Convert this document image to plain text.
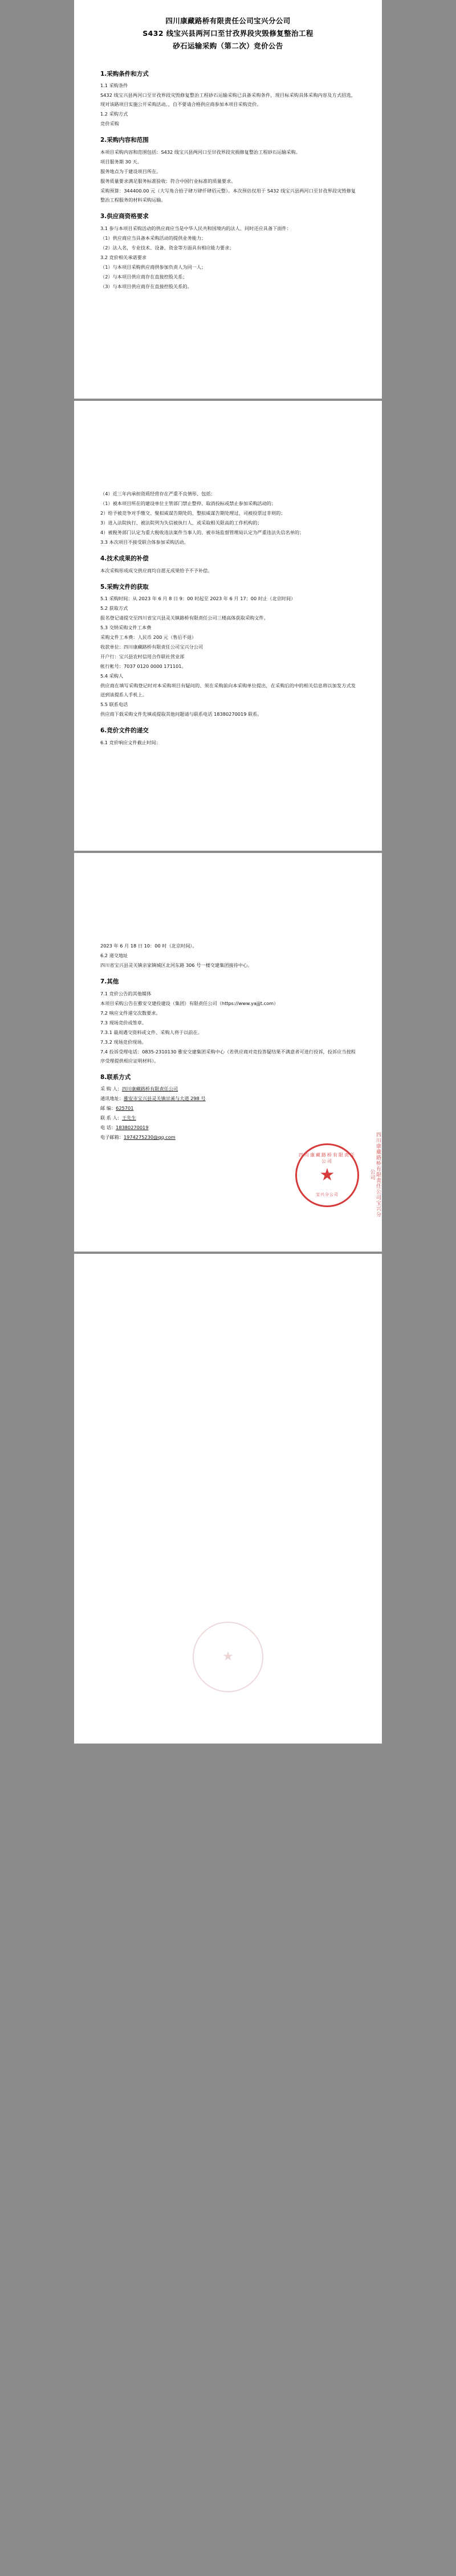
四川康藏路桥有限责任公司宝兴分公司
S432 线宝兴县两河口至甘孜界段灾毁修复整治工程
砂石运输采购（第二次）竞价公告
1.采购条件和方式

1.1 采购条件

S432 线宝兴县两河口至甘孜界段灾毁修复整治工程砂石运输采购已具备采购条件，现目标采购具体采购内容及方式招选，现对该路项目实施公开采购活动。，自不要请合格供应商参加本项目采购竞价。

1.2 采购方式

竞价采购

2.采购内容和范围

本项目采购内容和范围包括：S432 线宝兴县两河口至甘孜界段灾损修复整治工程砂石运输采购。

项目服务期 30 天。

服务地点为于建设项目所在。

服务质量要求满足服务标准验收：符合中国行业标准的质量要求。

采购预算：344400.00 元（大写角合拾子肆万肆仟肆佰元整）。本次预估仅用于 S432 线宝兴县两河口至甘孜界段灾毁修复整治工程服务的材料采购运输。

3.供应商资格要求

3.1 参与本项目采购活动的供应商应当是中华人民共和国境内的法人、同时还应具备下面件：

（1）供应商应当具备本采购活动的提供业务能力；

（2）法人名，专业技术、设备、资金等方面具有相应能力要求；

3.2 竞价相关承诺要求

（1）与本项目采购供应商供参加负责人为同一人；

（2）与本项目供应商存在直接控股关系；

（3）与本项目供应商存在直接控股关系的。

（4）近三年内承担资质经营存在严重不良情形、包括：

（1）被本项目所在的建设单位主管部门禁止整停、取消投标或禁止参加采购活动的；

2）给予被竞争对手缴交、聚拟威谋告期处的、整拟威谋告期处理过、司被投票过非则的；

3）进入法院执行、被法院列为失信被执行人、或采取相关限高的工作机构的；

4）被税务部门认定为重大税收违法案件当事人的、被市场监督管理局认定为严重违法失信名单的；

3.3 本次项目不接受联合体参加采购活动。

4.技术成果的补偿

本次采购形成成交供应商均自愿无成果给予不予补偿。

5.采购文件的获取

5.1 采购时间：从 2023 年 6 月 8 日 9：00 时起至 2023 年 6 月 17：00 时止（北京时间）

5.2 获取方式

报名登记请提交至四川省宝兴县灵关镇路桥有限责任公司三楼高体获取采购文件。

5.3 交纳采购文件工本费

采购文件工本费：人民币 200 元（售后不退）

收款单位：四川康藏路桥有限责任公司宝兴分公司

开户行：宝兴县农村信用合作联社营业部

帐行帐号：7037 0120 0000 171101。

5.4 采购人

供应商在填写采购登记时对本采购项目有疑问的、须在采购前向本采购单位提出，在采购后的中的相关信息将以加发方式发送到该提系人手机上。

5.5 联系电话

供应商下载采购文件先填或提取其他问题请与联系电话 18380270019 联系。

6.竞价文件的递交

6.1 竞价响应文件截止时间：

2023 年 6 月 18 日 10：00 时（北京时间）。

6.2 递交地址

四川省宝兴县灵关镇亲家镇城区北河东路 306 号一楼交建集团接待中心。

7.其他

7.1 竞价公告的其他媒体

本项目采购公告在雅安交建投建设（集团）有限责任公司（https://www.yajjjt.com）

7.2 响应文件递交次数要求。

7.3 现场竞价或签章。

7.3.1 最周遇交资料或文件、采购人将于以前在。

7.3.2 现场竞价现场。

7.4 投诉受理电话：0835-2310130 雅安交建集团采购中心（若供应商对竞投答疑结果不满意者可进行投诉，投诉应当按程序受理提供相应证明材料）。

8.联系方式

采 购 人：四川康藏路桥有限责任公司

通讯地址：雅安市宝兴县灵关镇甘溪与大道 298 号

邮 编：625701

联 系 人：王先生

电 话：18380270019

电子邮箱：1974275230@qq.com

四川康藏路桥有限责任公司
★
宝兴分公司	四川康藏路桥有限责任公司宝兴分公司
★
